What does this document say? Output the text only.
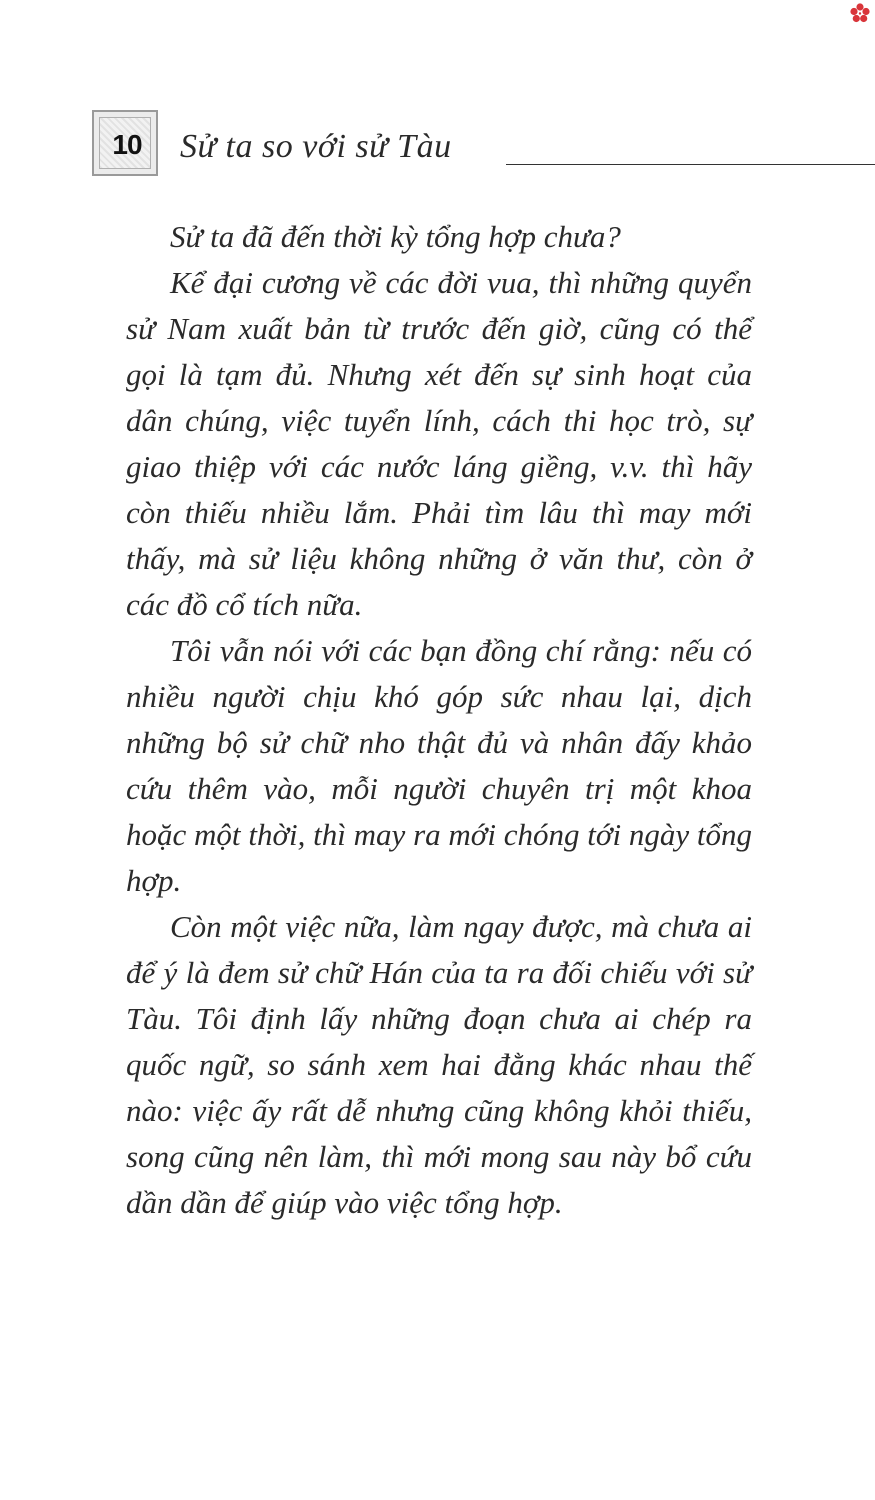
10	Sử ta so với sử Tàu

Sử ta đã đến thời kỳ tổng hợp chưa?

Kể đại cương về các đời vua, thì những quyển sử Nam xuất bản từ trước đến giờ, cũng có thể gọi là tạm đủ. Nhưng xét đến sự sinh hoạt của dân chúng, việc tuyển lính, cách thi học trò, sự giao thiệp với các nước láng giềng, v.v. thì hãy còn thiếu nhiều lắm. Phải tìm lâu thì may mới thấy, mà sử liệu không những ở văn thư, còn ở các đồ cổ tích nữa.

Tôi vẫn nói với các bạn đồng chí rằng: nếu có nhiều người chịu khó góp sức nhau lại, dịch những bộ sử chữ nho thật đủ và nhân đấy khảo cứu thêm vào, mỗi người chuyên trị một khoa hoặc một thời, thì may ra mới chóng tới ngày tổng hợp.

Còn một việc nữa, làm ngay được, mà chưa ai để ý là đem sử chữ Hán của ta ra đối chiếu với sử Tàu. Tôi định lấy những đoạn chưa ai chép ra quốc ngữ, so sánh xem hai đằng khác nhau thế nào: việc ấy rất dễ nhưng cũng không khỏi thiếu, song cũng nên làm, thì mới mong sau này bổ cứu dần dần để giúp vào việc tổng hợp.
